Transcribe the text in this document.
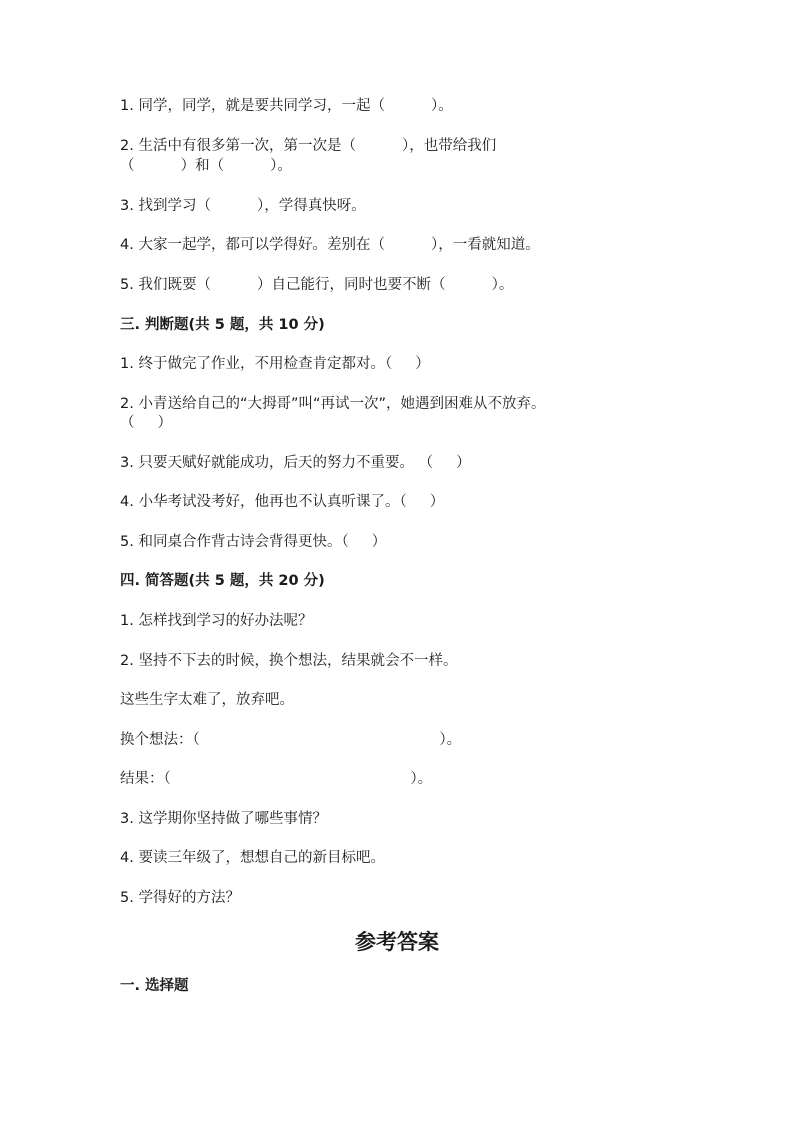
1. 同学，同学，就是要共同学习，一起（          ）。

2. 生活中有很多第一次，第一次是（          ），也带给我们

（          ）和（          ）。

3. 找到学习（          ），学得真快呀。

4. 大家一起学，都可以学得好。差别在（          ），一看就知道。

5. 我们既要（          ）自己能行，同时也要不断（          ）。

三. 判断题(共 5 题，共 10 分)

1. 终于做完了作业，不用检查肯定都对。（     ）

2. 小青送给自己的“大拇哥”叫“再试一次”，她遇到困难从不放弃。

（     ）

3. 只要天赋好就能成功，后天的努力不重要。 （     ）

4. 小华考试没考好，他再也不认真听课了。（     ）

5. 和同桌合作背古诗会背得更快。（     ）

四. 简答题(共 5 题，共 20 分)

1. 怎样找到学习的好办法呢？

2. 坚持不下去的时候，换个想法，结果就会不一样。

这些生字太难了，放弃吧。

换个想法：（                                                    ）。

结果：（                                                    ）。

3. 这学期你坚持做了哪些事情？

4. 要读三年级了，想想自己的新目标吧。

5. 学得好的方法？

参考答案

一. 选择题
